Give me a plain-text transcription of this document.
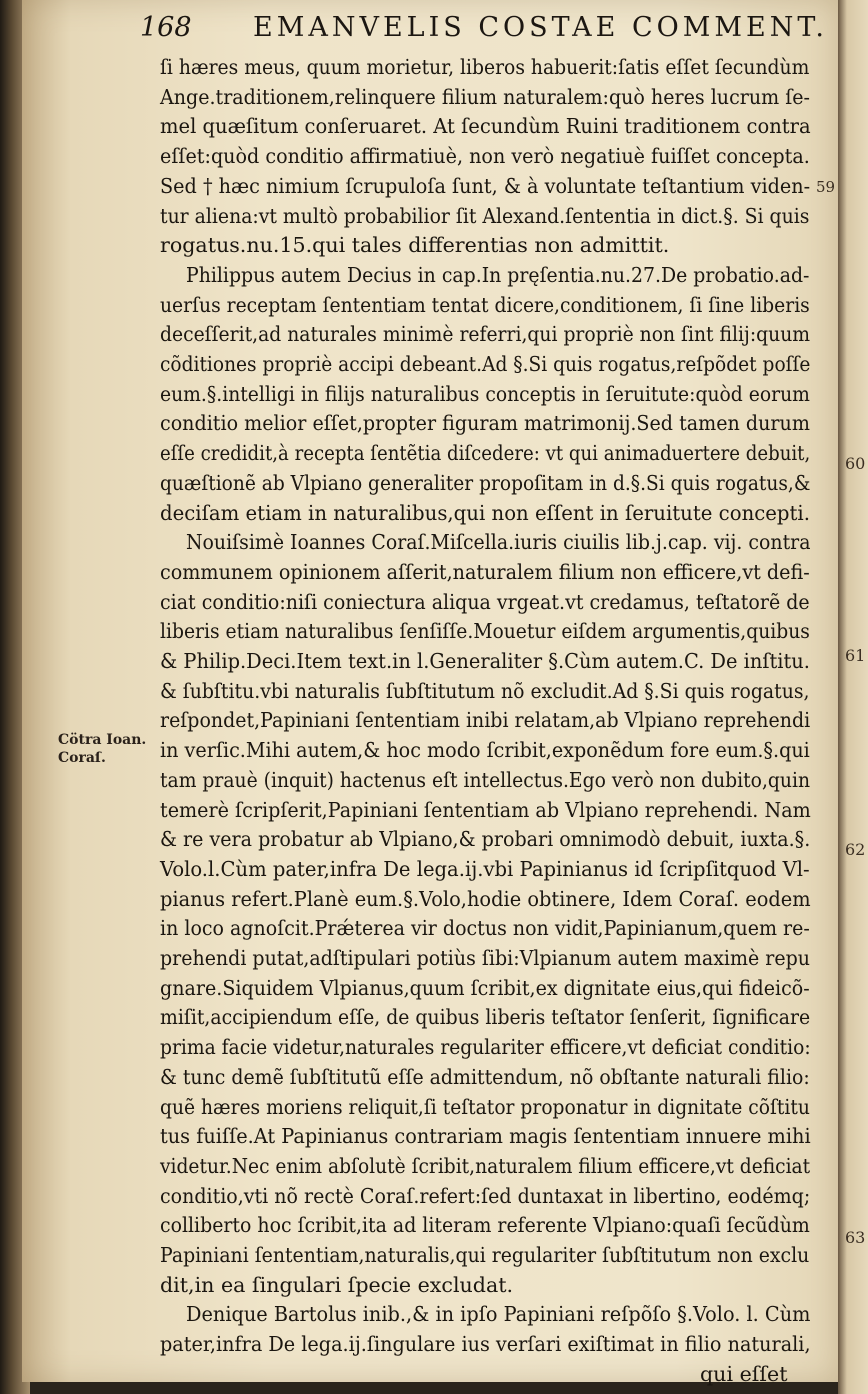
168 EMANVELIS COSTAE COMMENT.
Cötra Ioan.
Coraſ.
59
60
61
62
63
ſi hæres meus, quum morietur, liberos habuerit:ſatis eſſet ſecundùm
Ange.traditionem,relinquere filium naturalem:quò heres lucrum ſe-
mel quæſitum conſeruaret. At ſecundùm Ruini traditionem contra
eſſet:quòd conditio affirmatiuè, non verò negatiuè fuiſſet concepta.
Sed † hæc nimium ſcrupuloſa ſunt, & à voluntate teſtantium viden-
tur aliena:vt multò probabilior ſit Alexand.ſententia in dict.§. Si quis
rogatus.nu.15.qui tales differentias non admittit.
Philippus autem Decius in cap.In pręſentia.nu.27.De probatio.ad-
uerſus receptam ſententiam tentat dicere,conditionem, ſi ſine liberis
deceſſerit,ad naturales minimè referri,qui propriè non ſint filij:quum
cõditiones propriè accipi debeant.Ad §.Si quis rogatus,reſpõdet poſſe
eum.§.intelligi in filijs naturalibus conceptis in ſeruitute:quòd eorum
conditio melior eſſet,propter figuram matrimonij.Sed tamen durum
eſſe credidit,à recepta ſentẽtia diſcedere: vt qui animaduertere debuit,
quæſtionẽ ab Vlpiano generaliter propoſitam in d.§.Si quis rogatus,&
deciſam etiam in naturalibus,qui non eſſent in ſeruitute concepti.
Nouiſsimè Ioannes Coraſ.Miſcella.iuris ciuilis lib.j.cap. vij. contra
communem opinionem aſſerit,naturalem filium non efficere,vt defi-
ciat conditio:niſi coniectura aliqua vrgeat.vt credamus, teſtatorẽ de
liberis etiam naturalibus ſenſiſſe.Mouetur eiſdem argumentis,quibus
& Philip.Deci.Item text.in l.Generaliter §.Cùm autem.C. De inſtitu.
& ſubſtitu.vbi naturalis ſubſtitutum nõ excludit.Ad §.Si quis rogatus,
reſpondet,Papiniani ſententiam inibi relatam,ab Vlpiano reprehendi
in verſic.Mihi autem,& hoc modo ſcribit,exponẽdum fore eum.§.qui
tam prauè (inquit) hactenus eſt intellectus.Ego verò non dubito,quin
temerè ſcripſerit,Papiniani ſententiam ab Vlpiano reprehendi. Nam
& re vera probatur ab Vlpiano,& probari omnimodò debuit, iuxta.§.
Volo.l.Cùm pater,infra De lega.ij.vbi Papinianus id ſcripſitquod Vl-
pianus refert.Planè eum.§.Volo,hodie obtinere, Idem Coraſ. eodem
in loco agnoſcit.Prǽterea vir doctus non vidit,Papinianum,quem re-
prehendi putat,adſtipulari potiùs ſibi:Vlpianum autem maximè repu
gnare.Siquidem Vlpianus,quum ſcribit,ex dignitate eius,qui fideicõ-
miſit,accipiendum eſſe, de quibus liberis teſtator ſenſerit, ſignificare
prima facie videtur,naturales regulariter efficere,vt deficiat conditio:
& tunc demẽ ſubſtitutũ eſſe admittendum, nõ obſtante naturali filio:
quẽ hæres moriens reliquit,ſi teſtator proponatur in dignitate cõſtitu
tus fuiſſe.At Papinianus contrariam magis ſententiam innuere mihi
videtur.Nec enim abſolutè ſcribit,naturalem filium efficere,vt deficiat
conditio,vti nõ rectè Coraſ.refert:ſed duntaxat in libertino, eodémq;
colliberto hoc ſcribit,ita ad literam referente Vlpiano:quaſi ſecũdùm
Papiniani ſententiam,naturalis,qui regulariter ſubſtitutum non exclu
dit,in ea ſingulari ſpecie excludat.
Denique Bartolus inib.,& in ipſo Papiniani reſpõſo §.Volo. l. Cùm
pater,infra De lega.ij.ſingulare ius verſari exiſtimat in filio naturali,
qui eſſet
